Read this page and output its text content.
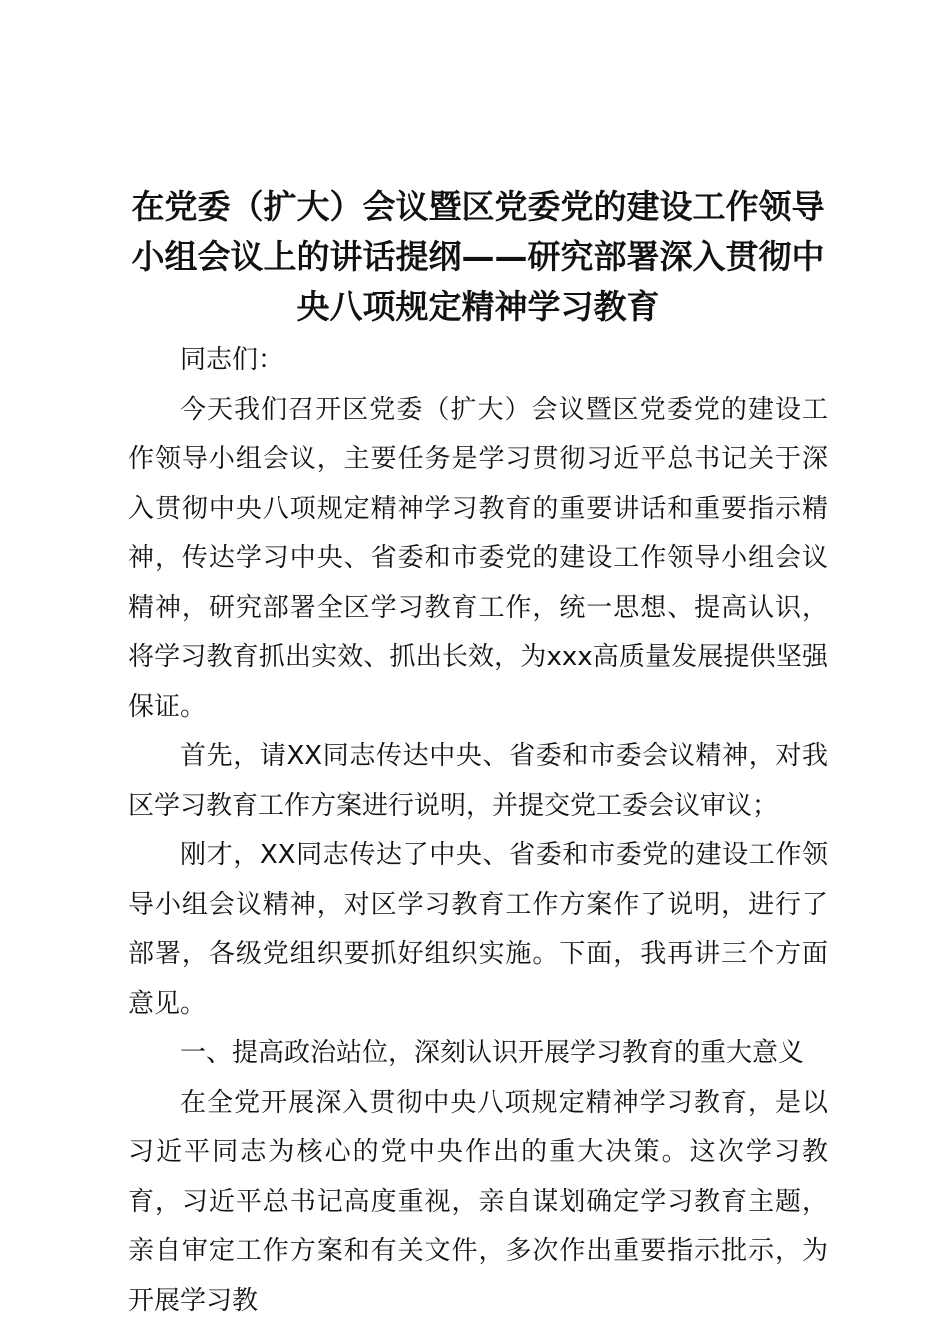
在党委（扩大）会议暨区党委党的建设工作领导小组会议上的讲话提纲——研究部署深入贯彻中央八项规定精神学习教育

同志们：

今天我们召开区党委（扩大）会议暨区党委党的建设工作领导小组会议，主要任务是学习贯彻习近平总书记关于深入贯彻中央八项规定精神学习教育的重要讲话和重要指示精神，传达学习中央、省委和市委党的建设工作领导小组会议精神，研究部署全区学习教育工作，统一思想、提高认识，将学习教育抓出实效、抓出长效，为xxx高质量发展提供坚强保证。

首先，请XX同志传达中央、省委和市委会议精神，对我区学习教育工作方案进行说明，并提交党工委会议审议；

刚才，XX同志传达了中央、省委和市委党的建设工作领导小组会议精神，对区学习教育工作方案作了说明，进行了部署，各级党组织要抓好组织实施。下面，我再讲三个方面意见。

一、提高政治站位，深刻认识开展学习教育的重大意义

在全党开展深入贯彻中央八项规定精神学习教育，是以习近平同志为核心的党中央作出的重大决策。这次学习教育，习近平总书记高度重视，亲自谋划确定学习教育主题，亲自审定工作方案和有关文件，多次作出重要指示批示，为开展学习教
